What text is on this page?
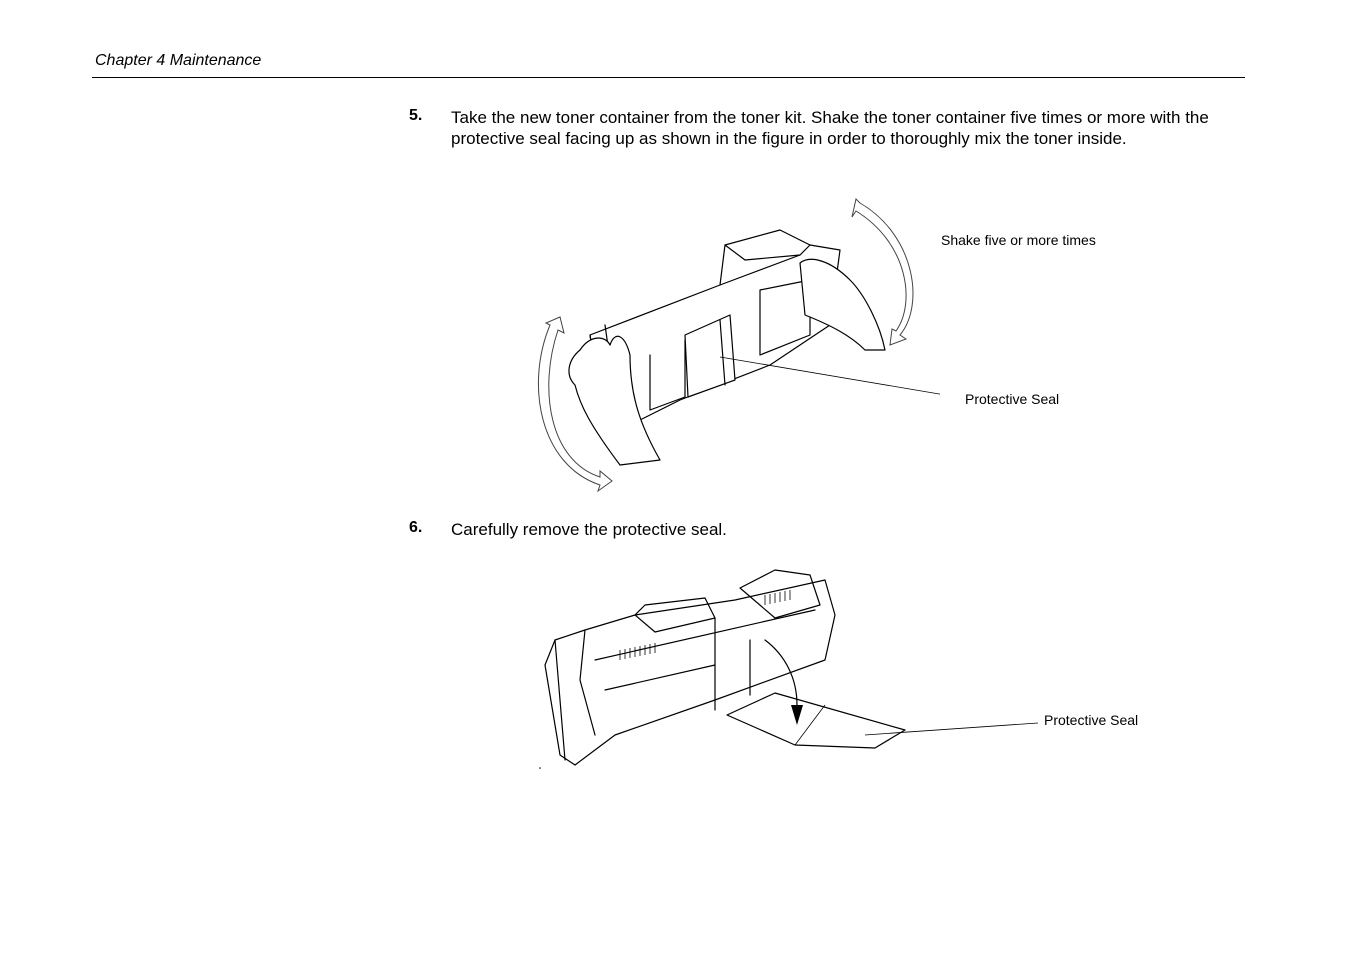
Chapter 4 Maintenance
5. Take the new toner container from the toner kit. Shake the toner container five times or more with the protective seal facing up as shown in the figure in order to thoroughly mix the toner inside.
Shake five or more times
Protective Seal
6. Carefully remove the protective seal.
Protective Seal
